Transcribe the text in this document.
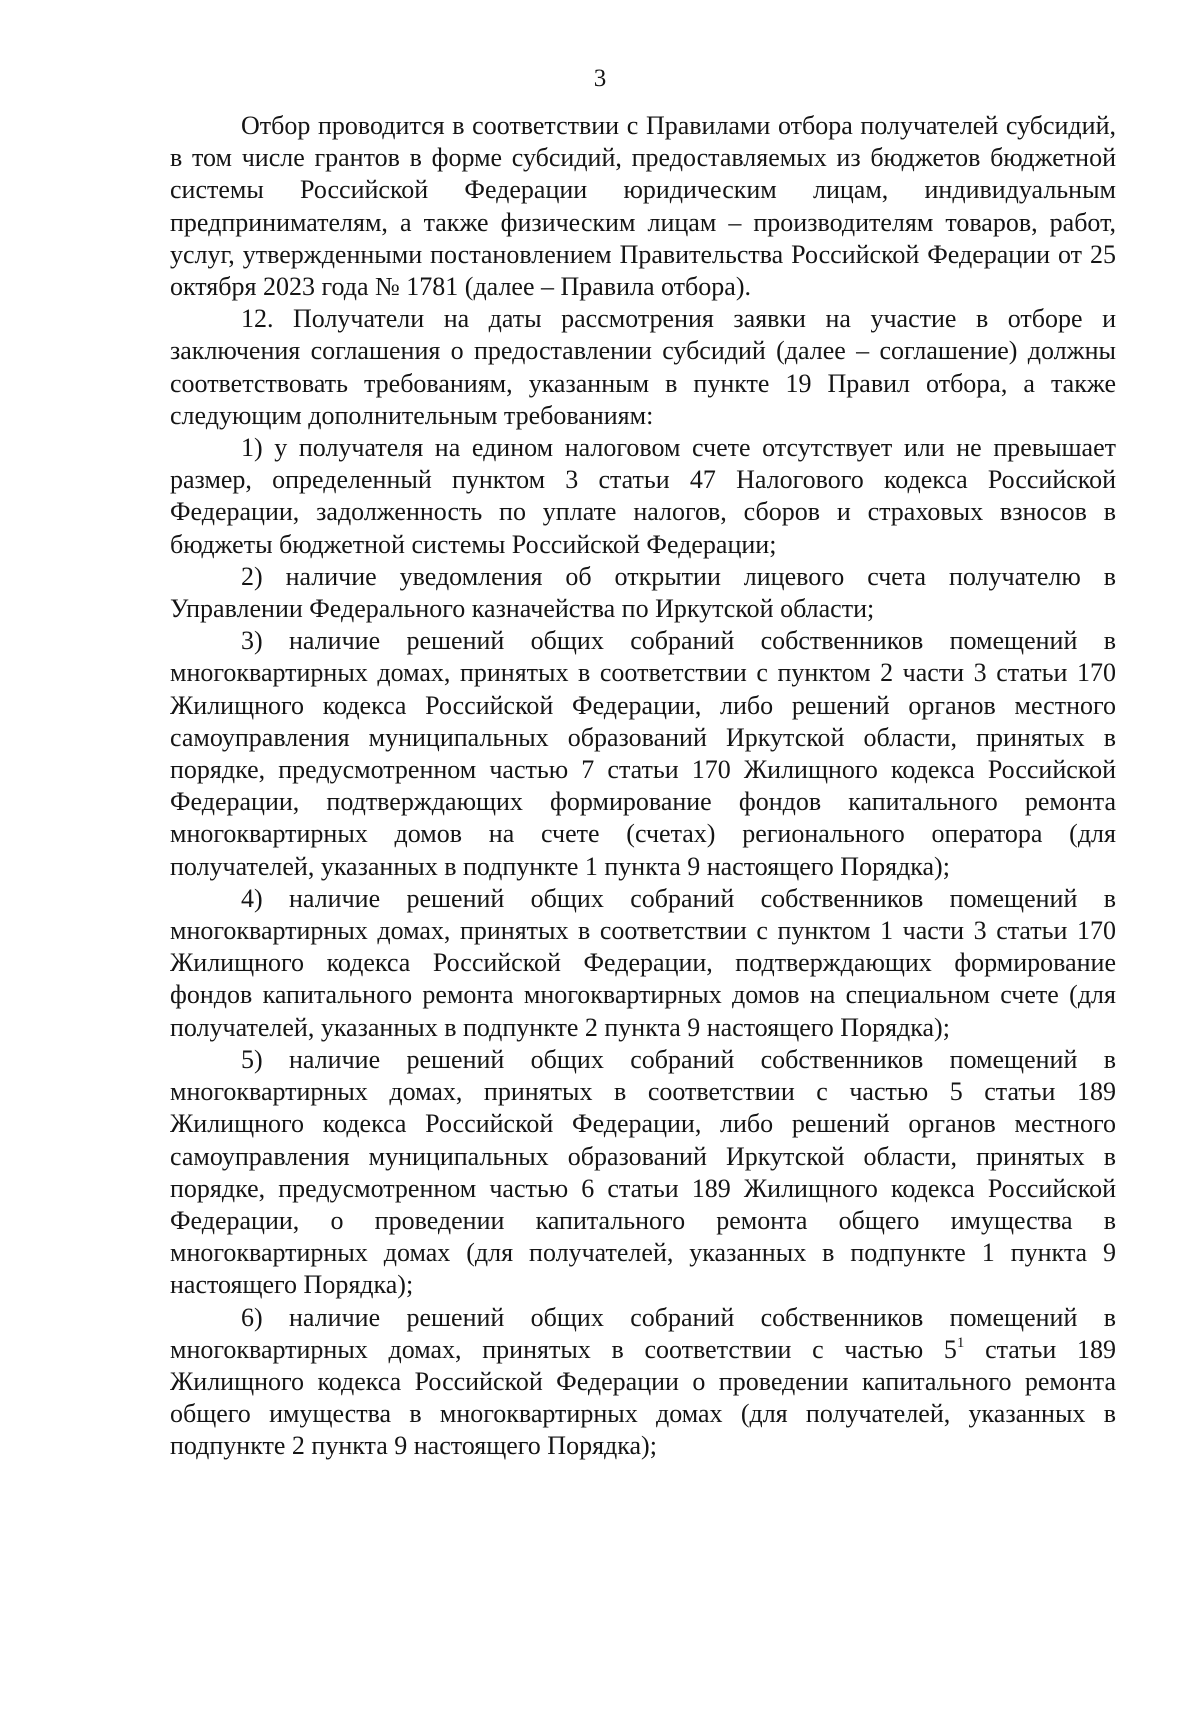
3

Отбор проводится в соответствии с Правилами отбора получателей субсидий, в том числе грантов в форме субсидий, предоставляемых из бюджетов бюджетной системы Российской Федерации юридическим лицам, индивидуальным предпринимателям, а также физическим лицам – производителям товаров, работ, услуг, утвержденными постановлением Правительства Российской Федерации от 25 октября 2023 года № 1781 (далее – Правила отбора).

12. Получатели на даты рассмотрения заявки на участие в отборе и заключения соглашения о предоставлении субсидий (далее – соглашение) должны соответствовать требованиям, указанным в пункте 19 Правил отбора, а также следующим дополнительным требованиям:

1) у получателя на едином налоговом счете отсутствует или не превышает размер, определенный пунктом 3 статьи 47 Налогового кодекса Российской Федерации, задолженность по уплате налогов, сборов и страховых взносов в бюджеты бюджетной системы Российской Федерации;

2) наличие уведомления об открытии лицевого счета получателю в Управлении Федерального казначейства по Иркутской области;

3) наличие решений общих собраний собственников помещений в многоквартирных домах, принятых в соответствии с пунктом 2 части 3 статьи 170 Жилищного кодекса Российской Федерации, либо решений органов местного самоуправления муниципальных образований Иркутской области, принятых в порядке, предусмотренном частью 7 статьи 170 Жилищного кодекса Российской Федерации, подтверждающих формирование фондов капитального ремонта многоквартирных домов на счете (счетах) регионального оператора (для получателей, указанных в подпункте 1 пункта 9 настоящего Порядка);

4) наличие решений общих собраний собственников помещений в многоквартирных домах, принятых в соответствии с пунктом 1 части 3 статьи 170 Жилищного кодекса Российской Федерации, подтверждающих формирование фондов капитального ремонта многоквартирных домов на специальном счете (для получателей, указанных в подпункте 2 пункта 9 настоящего Порядка);

5) наличие решений общих собраний собственников помещений в многоквартирных домах, принятых в соответствии с частью 5 статьи 189 Жилищного кодекса Российской Федерации, либо решений органов местного самоуправления муниципальных образований Иркутской области, принятых в порядке, предусмотренном частью 6 статьи 189 Жилищного кодекса Российской Федерации, о проведении капитального ремонта общего имущества в многоквартирных домах (для получателей, указанных в подпункте 1 пункта 9 настоящего Порядка);

6) наличие решений общих собраний собственников помещений в многоквартирных домах, принятых в соответствии с частью $5^1$ статьи 189 Жилищного кодекса Российской Федерации о проведении капитального ремонта общего имущества в многоквартирных домах (для получателей, указанных в подпункте 2 пункта 9 настоящего Порядка);
